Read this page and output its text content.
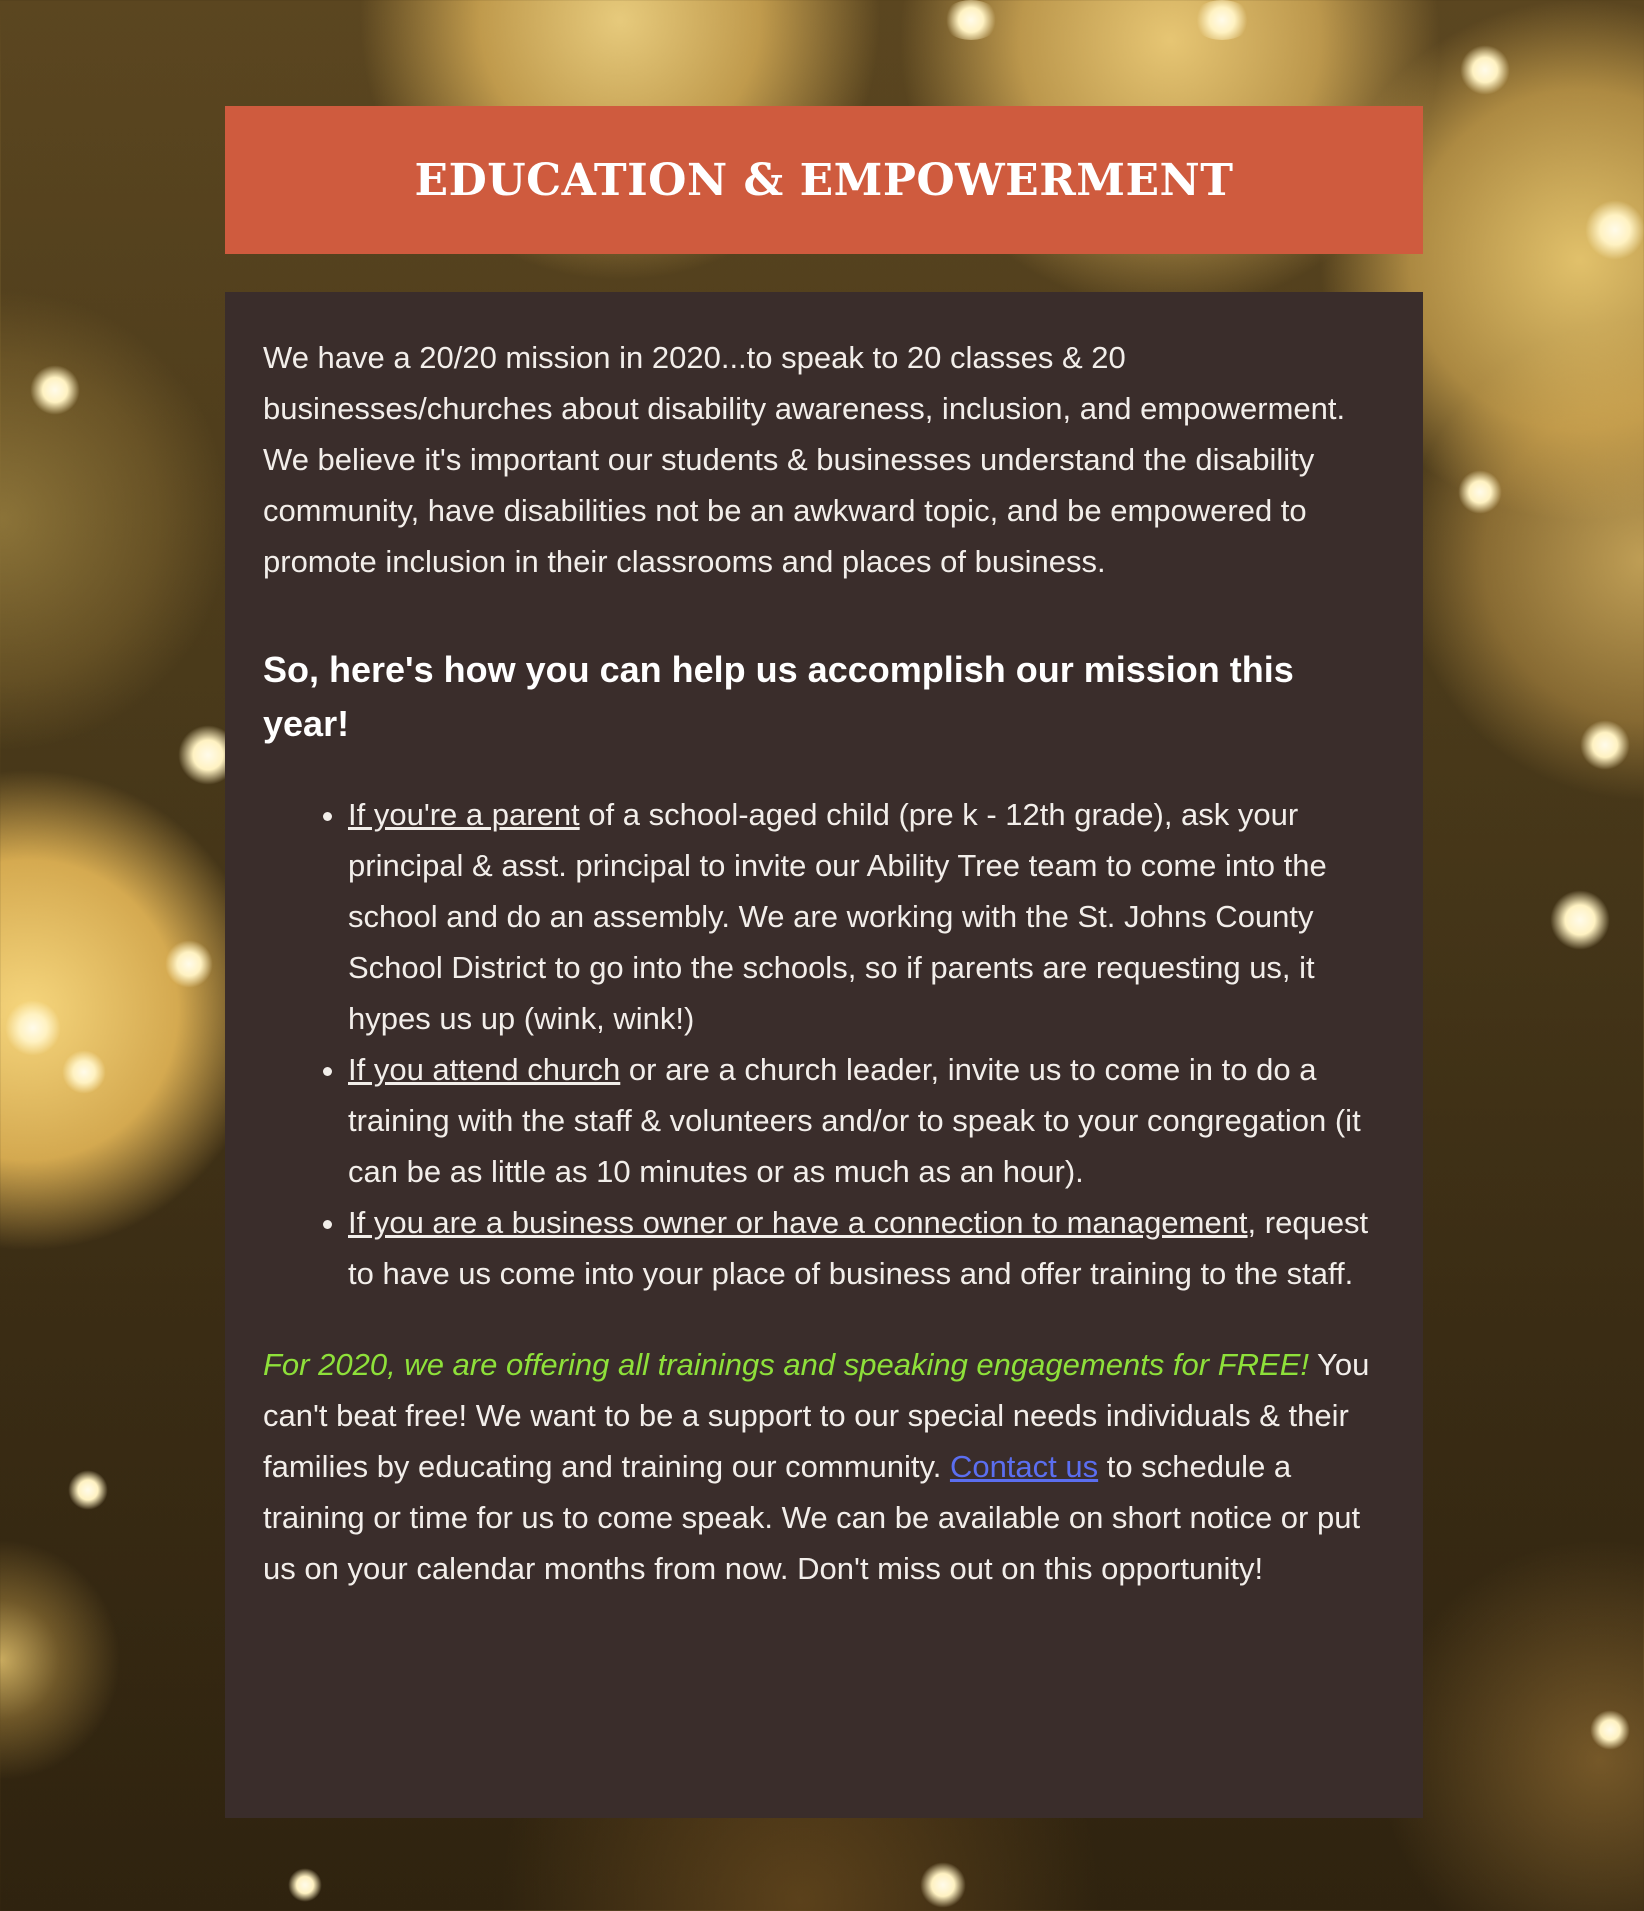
EDUCATION & EMPOWERMENT

We have a 20/20 mission in 2020...to speak to 20 classes & 20 businesses/churches about disability awareness, inclusion, and empowerment. We believe it's important our students & businesses understand the disability community, have disabilities not be an awkward topic, and be empowered to promote inclusion in their classrooms and places of business.

So, here's how you can help us accomplish our mission this year!

• If you're a parent of a school-aged child (pre k - 12th grade), ask your principal & asst. principal to invite our Ability Tree team to come into the school and do an assembly. We are working with the St. Johns County School District to go into the schools, so if parents are requesting us, it hypes us up (wink, wink!)
• If you attend church or are a church leader, invite us to come in to do a training with the staff & volunteers and/or to speak to your congregation (it can be as little as 10 minutes or as much as an hour).
• If you are a business owner or have a connection to management, request to have us come into your place of business and offer training to the staff.

For 2020, we are offering all trainings and speaking engagements for FREE! You can't beat free! We want to be a support to our special needs individuals & their families by educating and training our community. Contact us to schedule a training or time for us to come speak. We can be available on short notice or put us on your calendar months from now. Don't miss out on this opportunity!
